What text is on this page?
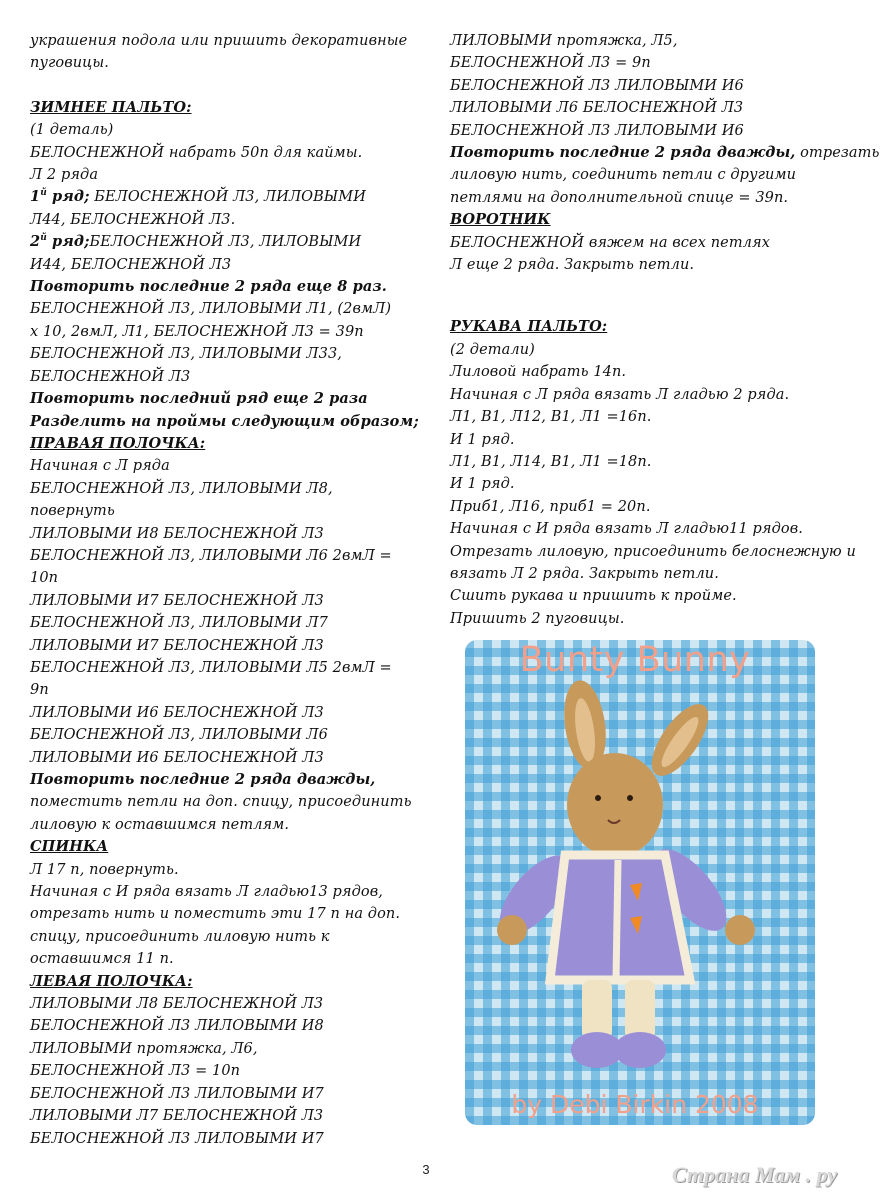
украшения подола или пришить декоративные
пуговицы.
ЗИМНЕЕ ПАЛЬТО:
(1 деталь)
БЕЛОСНЕЖНОЙ набрать 50п для каймы.
Л 2 ряда
$1^й$ ряд; БЕЛОСНЕЖНОЙ Л3, ЛИЛОВЫМИ
Л44, БЕЛОСНЕЖНОЙ Л3.
$2^й$ ряд;БЕЛОСНЕЖНОЙ Л3, ЛИЛОВЫМИ
И44, БЕЛОСНЕЖНОЙ Л3
Повторить последние 2 ряда еще 8 раз.
БЕЛОСНЕЖНОЙ Л3, ЛИЛОВЫМИ Л1, (2вмЛ)
х 10, 2вмЛ, Л1, БЕЛОСНЕЖНОЙ Л3 = 39п
БЕЛОСНЕЖНОЙ Л3, ЛИЛОВЫМИ Л33,
БЕЛОСНЕЖНОЙ Л3
Повторить последний ряд еще 2 раза
Разделить на проймы следующим образом;
ПРАВАЯ ПОЛОЧКА:
Начиная с Л ряда
БЕЛОСНЕЖНОЙ Л3, ЛИЛОВЫМИ Л8,
повернуть
ЛИЛОВЫМИ И8 БЕЛОСНЕЖНОЙ Л3
БЕЛОСНЕЖНОЙ Л3, ЛИЛОВЫМИ Л6 2вмЛ =
10п
ЛИЛОВЫМИ И7 БЕЛОСНЕЖНОЙ Л3
БЕЛОСНЕЖНОЙ Л3, ЛИЛОВЫМИ Л7
ЛИЛОВЫМИ И7 БЕЛОСНЕЖНОЙ Л3
БЕЛОСНЕЖНОЙ Л3, ЛИЛОВЫМИ Л5 2вмЛ =
9п
ЛИЛОВЫМИ И6 БЕЛОСНЕЖНОЙ Л3
БЕЛОСНЕЖНОЙ Л3, ЛИЛОВЫМИ Л6
ЛИЛОВЫМИ И6 БЕЛОСНЕЖНОЙ Л3
Повторить последние 2 ряда дважды,
поместить петли на доп. спицу, присоединить
лиловую к оставшимся петлям.
СПИНКА
Л 17 п, повернуть.
Начиная с И ряда вязать Л гладью13 рядов,
отрезать нить и поместить эти 17 п на доп.
спицу, присоединить лиловую нить к
оставшимся 11 п.
ЛЕВАЯ ПОЛОЧКА:
ЛИЛОВЫМИ Л8 БЕЛОСНЕЖНОЙ Л3
БЕЛОСНЕЖНОЙ Л3 ЛИЛОВЫМИ И8
ЛИЛОВЫМИ протяжка, Л6,
БЕЛОСНЕЖНОЙ Л3 = 10п
БЕЛОСНЕЖНОЙ Л3 ЛИЛОВЫМИ И7
ЛИЛОВЫМИ Л7 БЕЛОСНЕЖНОЙ Л3
БЕЛОСНЕЖНОЙ Л3 ЛИЛОВЫМИ И7
ЛИЛОВЫМИ протяжка, Л5,
БЕЛОСНЕЖНОЙ Л3 = 9п
БЕЛОСНЕЖНОЙ Л3 ЛИЛОВЫМИ И6
ЛИЛОВЫМИ Л6 БЕЛОСНЕЖНОЙ Л3
БЕЛОСНЕЖНОЙ Л3 ЛИЛОВЫМИ И6
Повторить последние 2 ряда дважды, отрезать
лиловую нить, соединить петли с другими
петлями на дополнительной спице = 39п.
ВОРОТНИК
БЕЛОСНЕЖНОЙ вяжем на всех петлях
Л еще 2 ряда. Закрыть петли.
РУКАВА ПАЛЬТО:
(2 детали)
Лиловой набрать 14п.
Начиная с Л ряда вязать Л гладью 2 ряда.
Л1, В1, Л12, В1, Л1 =16п.
И 1 ряд.
Л1, В1, Л14, В1, Л1 =18п.
И 1 ряд.
Приб1, Л16, приб1 = 20п.
Начиная с И ряда вязать Л гладью11 рядов.
Отрезать лиловую, присоединить белоснежную и
вязать Л 2 ряда. Закрыть петли.
Сшить рукава и пришить к пройме.
Пришить 2 пуговицы.
Bunty Bunny
by Debi Birkin 2008
3	Страна Мам . ру
